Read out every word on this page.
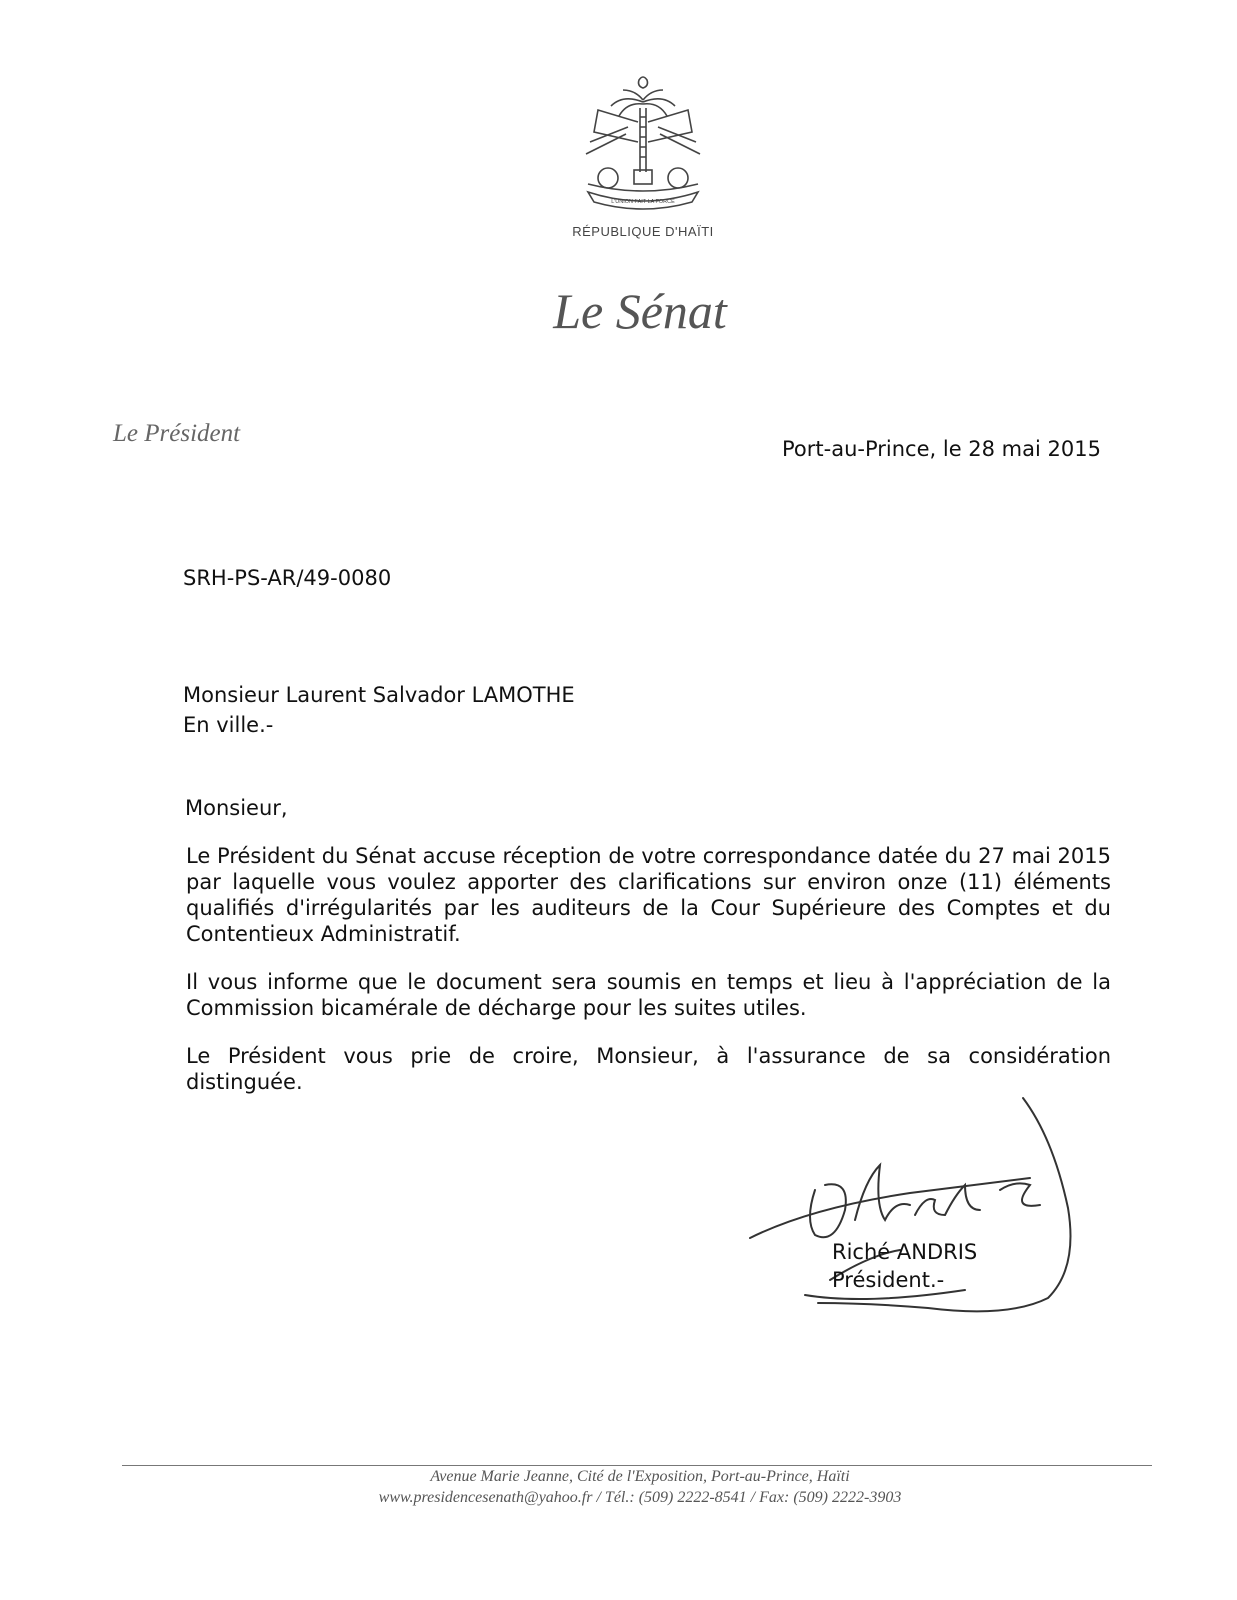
L'UNION FAIT LA FORCE
RÉPUBLIQUE D'HAÏTI
Le Sénat
Le Président
Port-au-Prince, le 28 mai 2015
SRH-PS-AR/49-0080
Monsieur Laurent Salvador LAMOTHE
En ville.-
Monsieur,

Le Président du Sénat accuse réception de votre correspondance datée du 27 mai 2015 par laquelle vous voulez apporter des clarifications sur environ onze (11) éléments qualifiés d'irrégularités par les auditeurs de la Cour Supérieure des Comptes et du Contentieux Administratif.

Il vous informe que le document sera soumis en temps et lieu à l'appréciation de la Commission bicamérale de décharge pour les suites utiles.

Le Président vous prie de croire, Monsieur, à l'assurance de sa considération distinguée.

Riché ANDRIS
Président.-
Avenue Marie Jeanne, Cité de l'Exposition, Port-au-Prince, Haïti
www.presidencesenath@yahoo.fr / Tél.: (509) 2222-8541 / Fax: (509) 2222-3903
